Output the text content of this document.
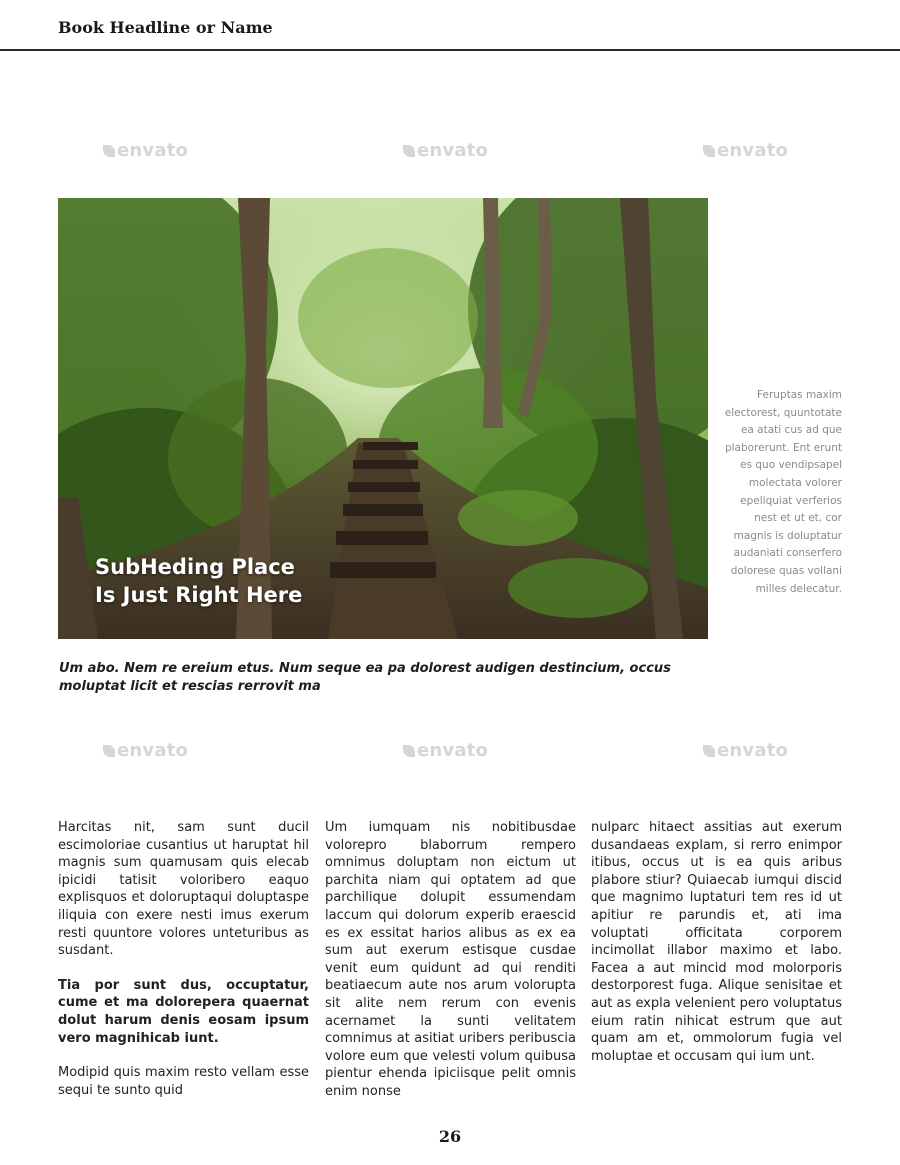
envato	envato	envato
envato	envato	envato
Book Headline or Name
SubHeding Place
Is Just Right Here
Feruptas maxim electorest, quuntotate ea atati cus ad que plaborerunt. Ent erunt es quo vendipsapel molectata volorer epeliquiat verferios nest et ut et, cor magnis is doluptatur audaniati conserfero dolorese quas vollani milles delecatur.
Um abo. Nem re ereium etus. Num seque ea pa dolorest audigen destincium, occus moluptat licit et rescias rerrovit ma

Harcitas nit, sam sunt ducil escimoloriae cusantius ut haruptat hil magnis sum quamusam quis elecab ipicidi tatisit voloribero eaquo explisquos et doloruptaqui doluptaspe iliquia con exere nesti imus exerum resti quuntore volores unteturibus as susdant.

Tia por sunt dus, occuptatur, cume et ma dolorepera quaernat dolut harum denis eosam ipsum vero magnihicab iunt.

Modipid quis maxim resto vellam esse sequi te sunto quid

Um iumquam nis nobitibusdae volorepro blaborrum rempero omnimus doluptam non eictum ut parchita niam qui optatem ad que parchilique dolupit essumendam laccum qui dolorum experib eraescid es ex essitat harios alibus as ex ea sum aut exerum estisque cusdae venit eum quidunt ad qui renditi beatiaecum aute nos arum volorupta sit alite nem rerum con evenis acernamet la sunti velitatem comnimus at asitiat uribers peribuscia volore eum que velesti volum quibusa pientur ehenda ipiciisque pelit omnis enim nonse

nulparc hitaect assitias aut exerum dusandaeas explam, si rerro enimpor itibus, occus ut is ea quis aribus plabore stiur? Quiaecab iumqui discid que magnimo luptaturi tem res id ut apitiur re parundis et, ati ima voluptati officitata corporem incimollat illabor maximo et labo. Facea a aut mincid mod molorporis destorporest fuga. Alique senisitae et aut as expla velenient pero voluptatus eium ratin nihicat estrum que aut quam am et, ommolorum fugia vel moluptae et occusam qui ium unt.

26
